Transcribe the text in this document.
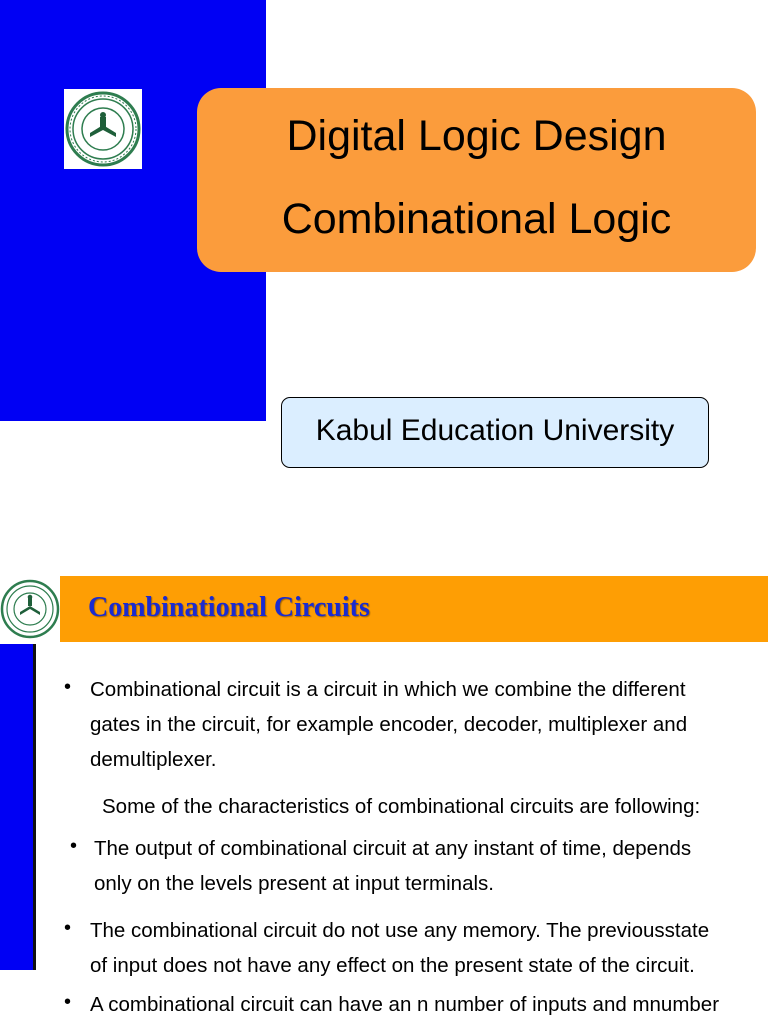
Digital Logic Design
Combinational Logic
Kabul Education University
Combinational Circuits
• Combinational circuit is a circuit in which we combine the different gates in the circuit, for example encoder, decoder, multiplexer and demultiplexer.
Some of the characteristics of combinational circuits are following:
• The output of combinational circuit at any instant of time, depends only on the levels present at input terminals.
• The combinational circuit do not use any memory. The previousstate of input does not have any effect on the present state of the circuit.
• A combinational circuit can have an n number of inputs and mnumber
